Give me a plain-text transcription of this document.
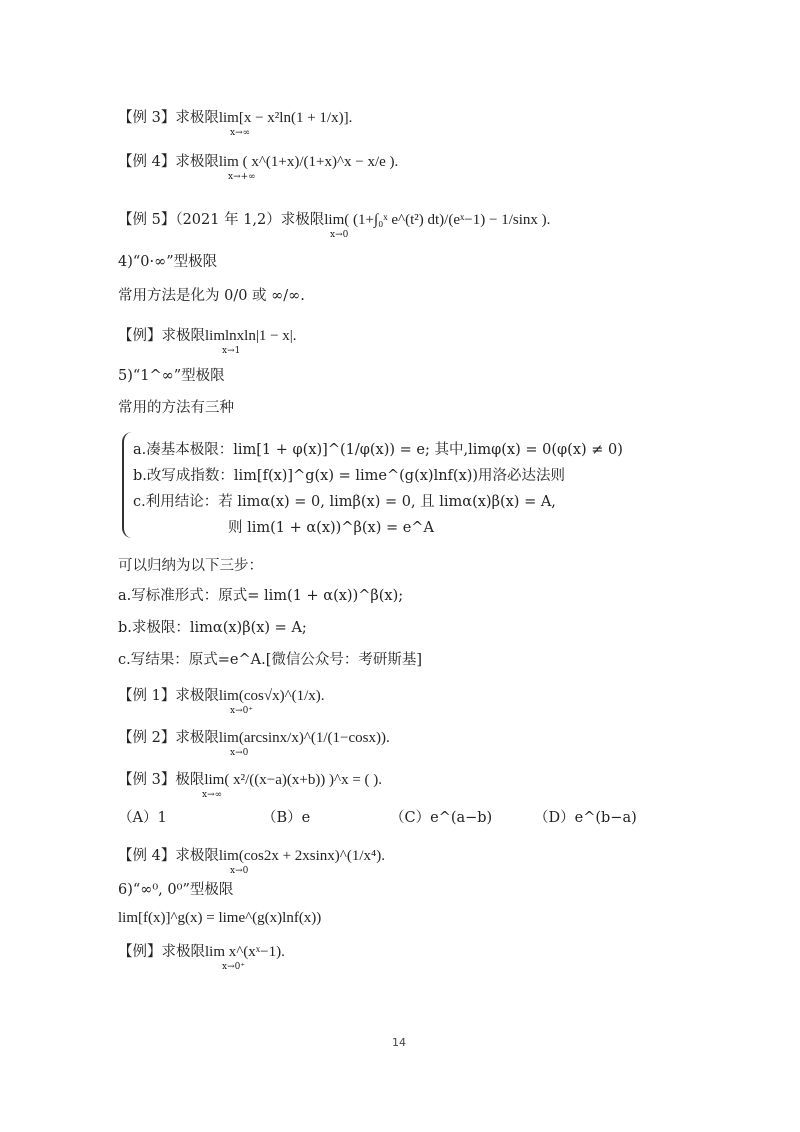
【例 3】求极限lim[x − x²ln(1 + 1/x)].
x→∞
【例 4】求极限lim ( x^(1+x)/(1+x)^x − x/e ).
x→+∞
【例 5】（2021 年 1,2）求极限lim( (1+∫₀ˣ e^(t²) dt)/(eˣ−1) − 1/sinx ).
x→0
4)“0·∞”型极限
常用方法是化为 0/0 或 ∞/∞.
【例】求极限limlnxln|1 − x|.
x→1
5)“1^∞”型极限
常用的方法有三种
a.凑基本极限：lim[1 + φ(x)]^(1/φ(x)) = e; 其中,limφ(x) = 0(φ(x) ≠ 0)
b.改写成指数：lim[f(x)]^g(x) = lime^(g(x)lnf(x))用洛必达法则
c.利用结论：若 limα(x) = 0, limβ(x) = 0, 且 limα(x)β(x) = A,
则 lim(1 + α(x))^β(x) = e^A
可以归纳为以下三步：
a.写标准形式：原式= lim(1 + α(x))^β(x);
b.求极限：limα(x)β(x) = A;
c.写结果：原式=e^A.[微信公众号：考研斯基]
【例 1】求极限lim(cos√x)^(1/x).
x→0⁺
【例 2】求极限lim(arcsinx/x)^(1/(1−cosx)).
x→0
【例 3】极限lim( x²/((x−a)(x+b)) )^x = ( ).
x→∞
（A）1	（B）e	（C）e^(a−b)	（D）e^(b−a)
【例 4】求极限lim(cos2x + 2xsinx)^(1/x⁴).
x→0
6)“∞⁰, 0⁰”型极限
lim[f(x)]^g(x) = lime^(g(x)lnf(x))
【例】求极限lim x^(xˣ−1).
x→0⁺
14
